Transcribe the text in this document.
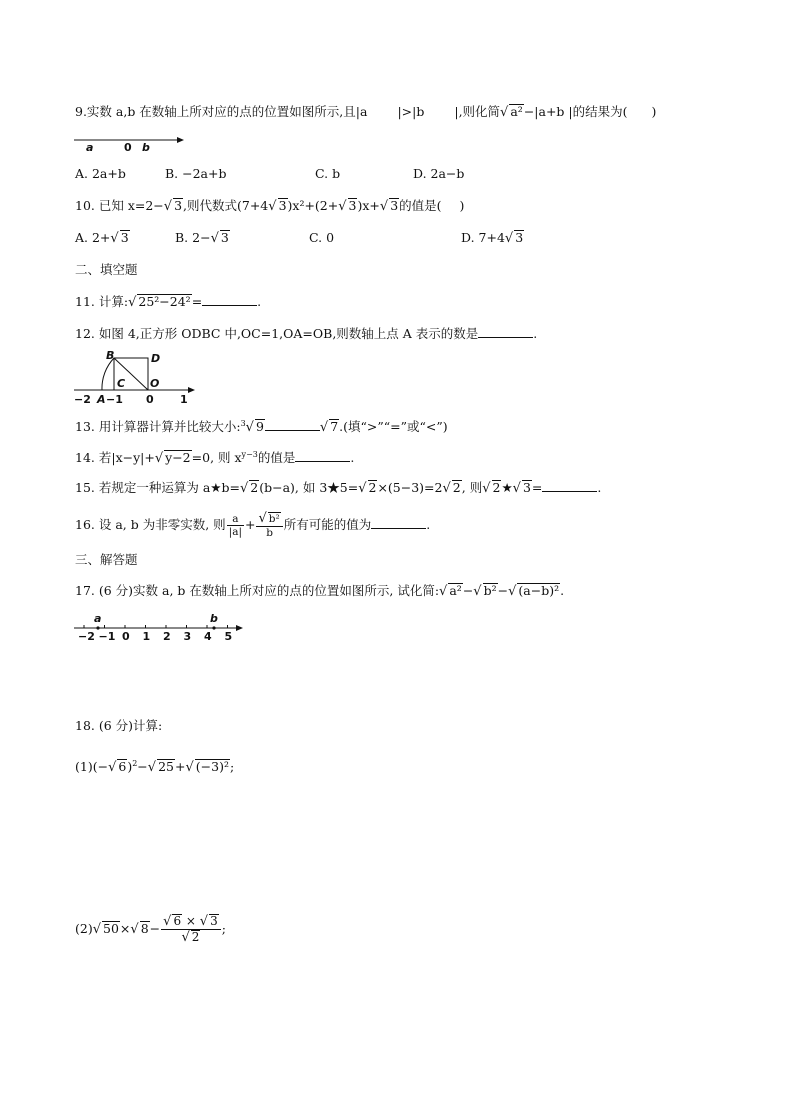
9.实数 a,b 在数轴上所对应的点的位置如图所示,且|a |>|b |,则化简√ a²−|a+b |的结果为( )
a	0 b
A. 2a+b	B. −2a+b	C. b	D. 2a−b
10. 已知 x=2−√ 3,则代数式(7+4√ 3)x²+(2+√ 3)x+√ 3的值是( )
A. 2+√ 3	B. 2−√ 3	C. 0	D. 7+4√ 3
二、填空题
11. 计算:√ 25²−24²=	.
12. 如图 4,正方形 ODBC 中,OC=1,OA=OB,则数轴上点 A 表示的数是	.
B	D
C O
−2 A −1 0 1
13. 用计算器计算并比较大小:$^3$√ 9	√ 7.(填“>”“=”或“<”)
14. 若|x−y|+√ y−2=0, 则 $x^{y-3}$的值是	.
15. 若规定一种运算为 a★b=√ 2(b−a), 如 3★5=√ 2×(5−3)=2√ 2, 则√ 2★√ 3=	.
16. 设 a, b 为非零实数, 则 $\frac{a}{|a|} + \frac{\text{√ b²}}{b}$ 所有可能的值为	.
三、解答题
17. (6 分)实数 a, b 在数轴上所对应的点的位置如图所示, 试化简:√ a²−√ b²−√ (a−b)².
−2 −1 0 1 2 3 4 5
a	b
18. (6 分)计算:
(1)(−√ 6)$^2$−√ 25+√ (−3)²;
(2)√ 50×√ $8- \frac{√ 6 \times √ 3}{√ 2}$ ;
